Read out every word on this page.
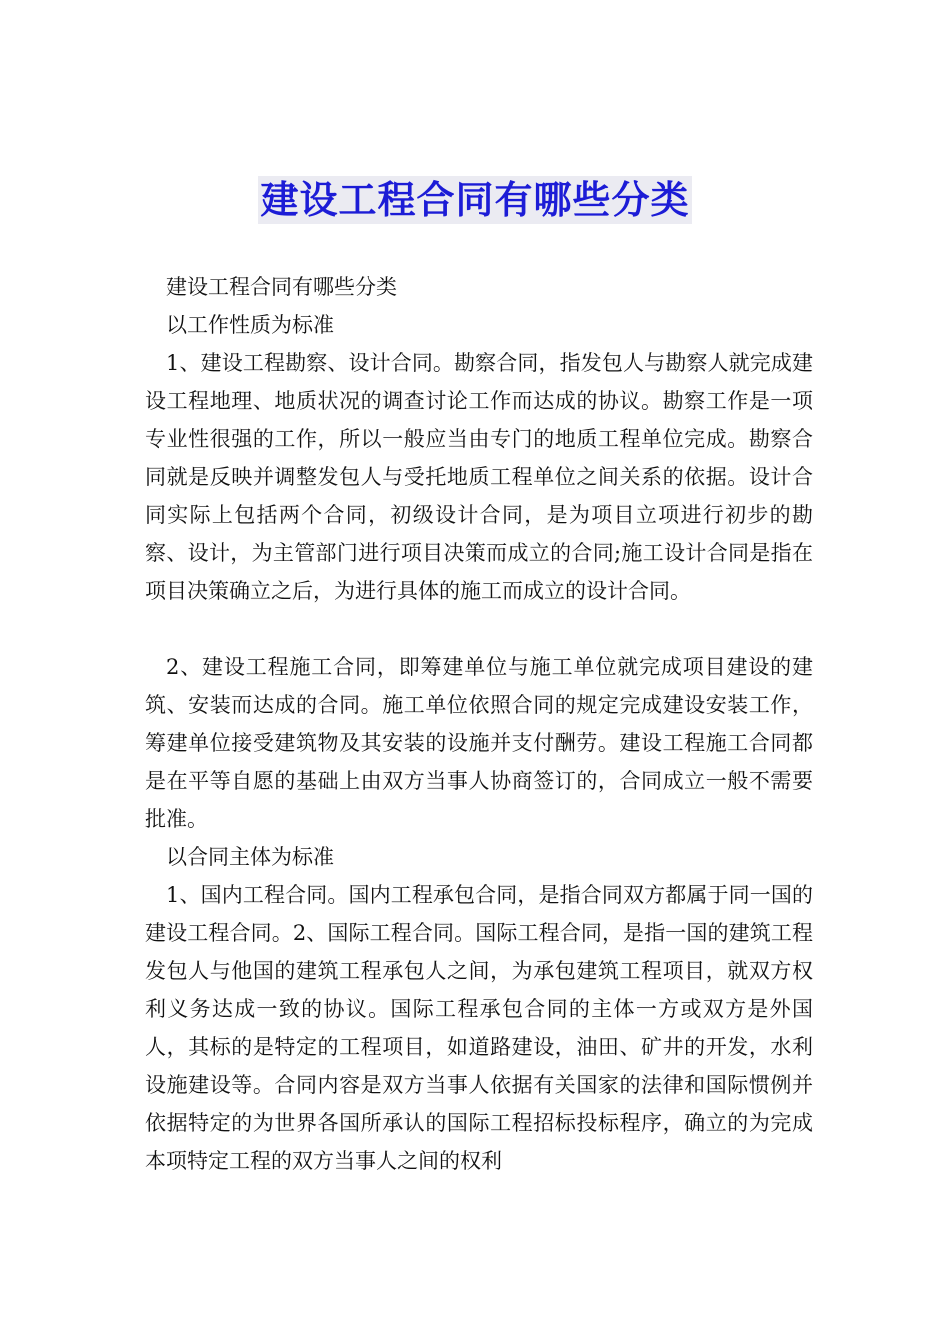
建设工程合同有哪些分类

建设工程合同有哪些分类

以工作性质为标准

1、建设工程勘察、设计合同。勘察合同，指发包人与勘察人就完成建设工程地理、地质状况的调查讨论工作而达成的协议。勘察工作是一项专业性很强的工作，所以一般应当由专门的地质工程单位完成。勘察合同就是反映并调整发包人与受托地质工程单位之间关系的依据。设计合同实际上包括两个合同，初级设计合同，是为项目立项进行初步的勘察、设计，为主管部门进行项目决策而成立的合同;施工设计合同是指在项目决策确立之后，为进行具体的施工而成立的设计合同。

2、建设工程施工合同，即筹建单位与施工单位就完成项目建设的建筑、安装而达成的合同。施工单位依照合同的规定完成建设安装工作，筹建单位接受建筑物及其安装的设施并支付酬劳。建设工程施工合同都是在平等自愿的基础上由双方当事人协商签订的，合同成立一般不需要批准。

以合同主体为标准

1、国内工程合同。国内工程承包合同，是指合同双方都属于同一国的建设工程合同。2、国际工程合同。国际工程合同，是指一国的建筑工程发包人与他国的建筑工程承包人之间，为承包建筑工程项目，就双方权利义务达成一致的协议。国际工程承包合同的主体一方或双方是外国人，其标的是特定的工程项目，如道路建设，油田、矿井的开发，水利设施建设等。合同内容是双方当事人依据有关国家的法律和国际惯例并依据特定的为世界各国所承认的国际工程招标投标程序，确立的为完成本项特定工程的双方当事人之间的权利
